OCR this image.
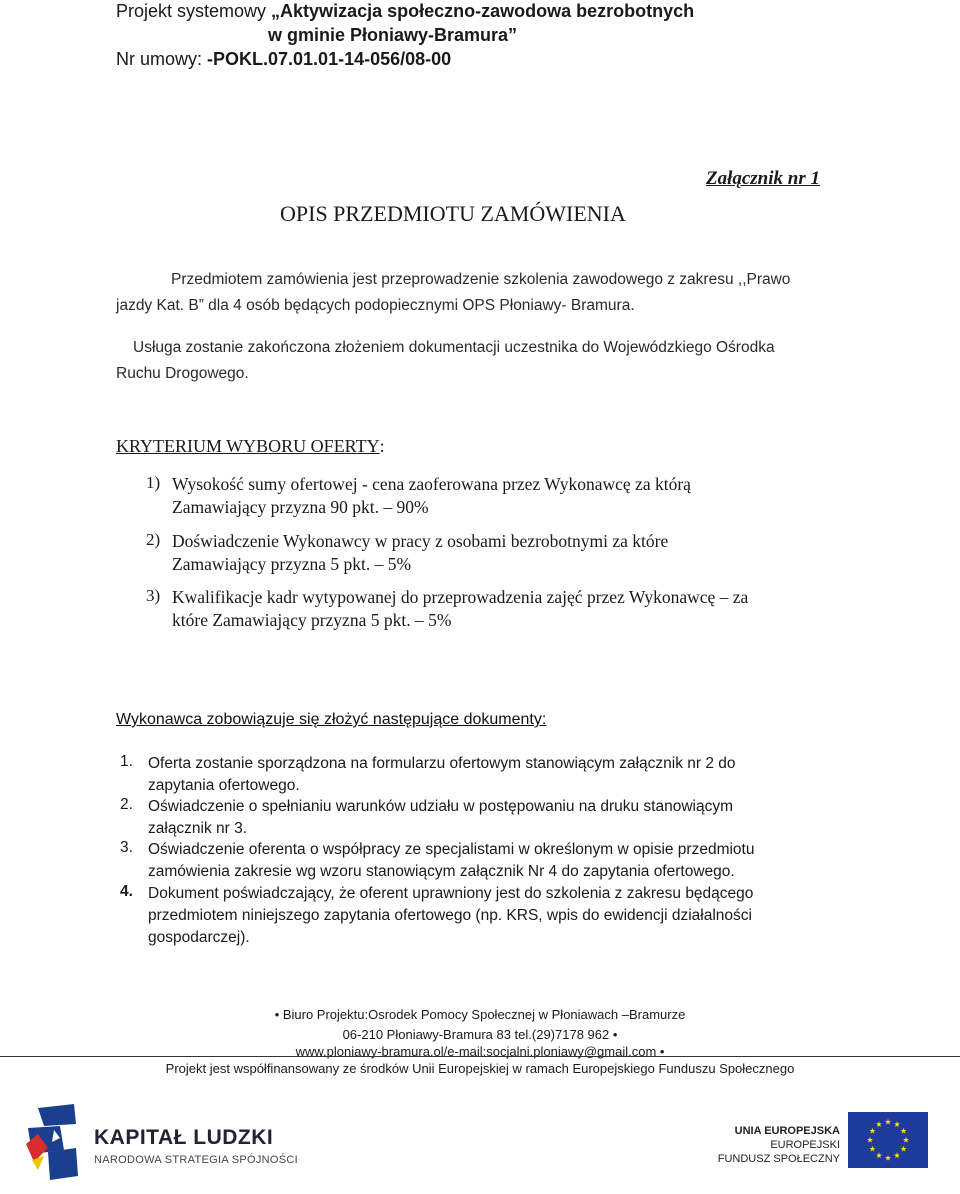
Projekt systemowy „Aktywizacja społeczno-zawodowa bezrobotnych
w gminie Płoniawy-Bramura”
Nr umowy: -POKL.07.01.01-14-056/08-00
Załącznik nr 1
OPIS PRZEDMIOTU ZAMÓWIENIA
Przedmiotem zamówienia jest przeprowadzenie szkolenia zawodowego z zakresu ,,Prawo
jazdy Kat. B” dla 4 osób będących podopiecznymi OPS Płoniawy- Bramura.
Usługa zostanie zakończona złożeniem dokumentacji uczestnika do Wojewódzkiego Ośrodka
Ruchu Drogowego.
KRYTERIUM WYBORU OFERTY:
1) Wysokość sumy ofertowej - cena zaoferowana przez Wykonawcę za którą
Zamawiający przyzna 90 pkt. – 90%
2) Doświadczenie Wykonawcy w pracy z osobami bezrobotnymi za które
Zamawiający przyzna 5 pkt. – 5%
3) Kwalifikacje kadr wytypowanej do przeprowadzenia zajęć przez Wykonawcę – za
które Zamawiający przyzna 5 pkt. – 5%
Wykonawca zobowiązuje się złożyć następujące dokumenty:
1. Oferta zostanie sporządzona na formularzu ofertowym stanowiącym załącznik nr 2 do
zapytania ofertowego.
2. Oświadczenie o spełnianiu warunków udziału w postępowaniu na druku stanowiącym
załącznik nr 3.
3. Oświadczenie oferenta o współpracy ze specjalistami w określonym w opisie przedmiotu
zamówienia zakresie wg wzoru stanowiącym załącznik Nr 4 do zapytania ofertowego.
4. Dokument poświadczający, że oferent uprawniony jest do szkolenia z zakresu będącego
przedmiotem niniejszego zapytania ofertowego (np. KRS, wpis do ewidencji działalności
gospodarczej).
• Biuro Projektu:Osrodek Pomocy Społecznej w Płoniawach –Bramurze
06-210 Płoniawy-Bramura 83 tel.(29)7178 962 •
www.ploniawy-bramura.ol/e-mail:socjalni.ploniawy@gmail.com •
Projekt jest współfinansowany ze środków Unii Europejskiej w ramach Europejskiego Funduszu Społecznego
KAPITAŁ LUDZKI
NARODOWA STRATEGIA SPÓJNOŚCI
UNIA EUROPEJSKA
EUROPEJSKI
FUNDUSZ SPOŁECZNY
